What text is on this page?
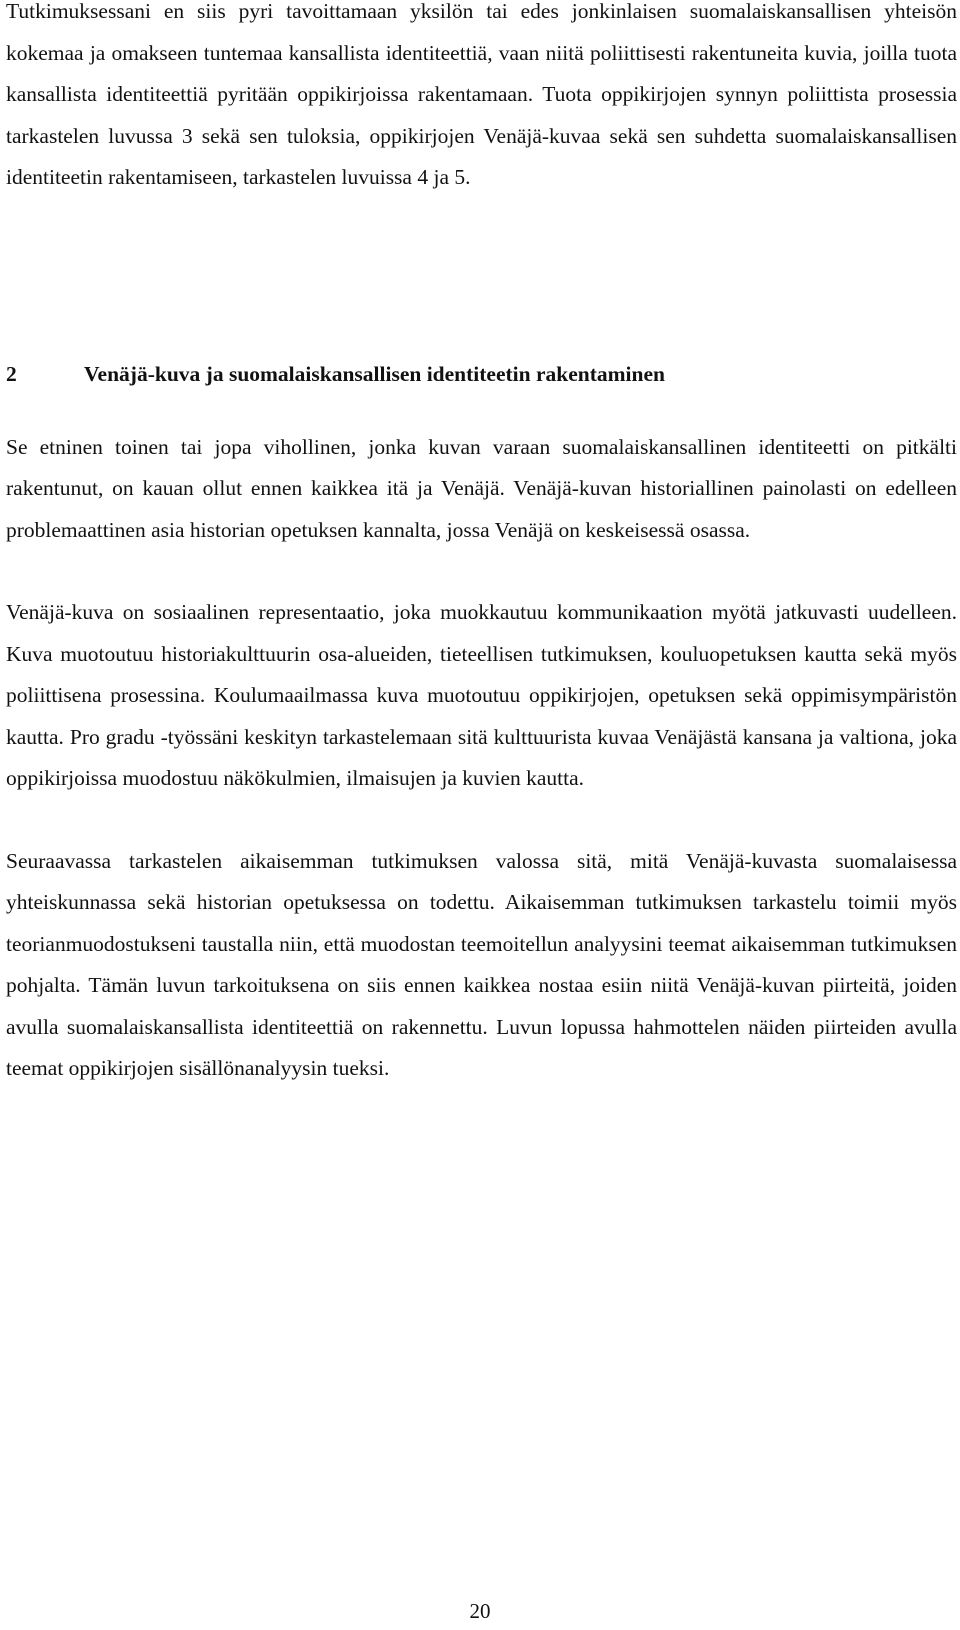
Tutkimuksessani en siis pyri tavoittamaan yksilön tai edes jonkinlaisen suomalaiskansallisen yhteisön kokemaa ja omakseen tuntemaa kansallista identiteettiä, vaan niitä poliittisesti rakentuneita kuvia, joilla tuota kansallista identiteettiä pyritään oppikirjoissa rakentamaan. Tuota oppikirjojen synnyn poliittista prosessia tarkastelen luvussa 3 sekä sen tuloksia, oppikirjojen Venäjä-kuvaa sekä sen suhdetta suomalaiskansallisen identiteetin rakentamiseen, tarkastelen luvuissa 4 ja 5.

2	Venäjä-kuva ja suomalaiskansallisen identiteetin rakentaminen

Se etninen toinen tai jopa vihollinen, jonka kuvan varaan suomalaiskansallinen identiteetti on pitkälti rakentunut, on kauan ollut ennen kaikkea itä ja Venäjä. Venäjä-kuvan historiallinen painolasti on edelleen problemaattinen asia historian opetuksen kannalta, jossa Venäjä on keskeisessä osassa.

Venäjä-kuva on sosiaalinen representaatio, joka muokkautuu kommunikaation myötä jatkuvasti uudelleen. Kuva muotoutuu historiakulttuurin osa-alueiden, tieteellisen tutkimuksen, kouluopetuksen kautta sekä myös poliittisena prosessina. Koulumaailmassa kuva muotoutuu oppikirjojen, opetuksen sekä oppimisympäristön kautta. Pro gradu -työssäni keskityn tarkastelemaan sitä kulttuurista kuvaa Venäjästä kansana ja valtiona, joka oppikirjoissa muodostuu näkökulmien, ilmaisujen ja kuvien kautta.

Seuraavassa tarkastelen aikaisemman tutkimuksen valossa sitä, mitä Venäjä-kuvasta suomalaisessa yhteiskunnassa sekä historian opetuksessa on todettu. Aikaisemman tutkimuksen tarkastelu toimii myös teorianmuodostukseni taustalla niin, että muodostan teemoitellun analyysini teemat aikaisemman tutkimuksen pohjalta. Tämän luvun tarkoituksena on siis ennen kaikkea nostaa esiin niitä Venäjä-kuvan piirteitä, joiden avulla suomalaiskansallista identiteettiä on rakennettu. Luvun lopussa hahmottelen näiden piirteiden avulla teemat oppikirjojen sisällönanalyysin tueksi.

20
